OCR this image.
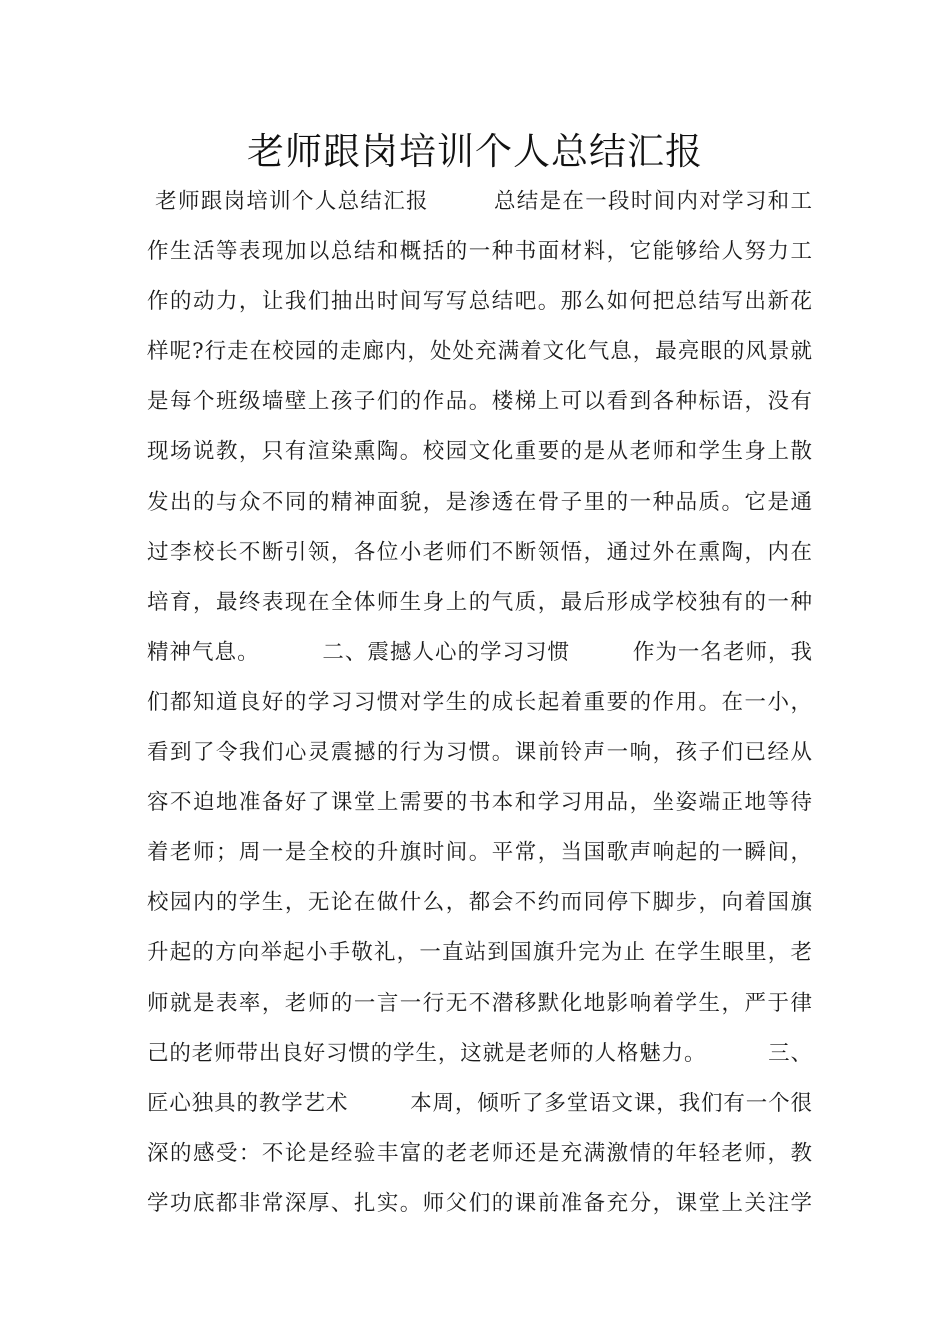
老师跟岗培训个人总结汇报
老师跟岗培训个人总结汇报        总结是在一段时间内对学习和工
作生活等表现加以总结和概括的一种书面材料，它能够给人努力工
作的动力，让我们抽出时间写写总结吧。那么如何把总结写出新花
样呢?行走在校园的走廊内，处处充满着文化气息，最亮眼的风景就
是每个班级墙壁上孩子们的作品。楼梯上可以看到各种标语，没有
现场说教，只有渲染熏陶。校园文化重要的是从老师和学生身上散
发出的与众不同的精神面貌，是渗透在骨子里的一种品质。它是通
过李校长不断引领，各位小老师们不断领悟，通过外在熏陶，内在
培育，最终表现在全体师生身上的气质，最后形成学校独有的一种
精神气息。        二、震撼人心的学习习惯        作为一名老师，我
们都知道良好的学习习惯对学生的成长起着重要的作用。在一小，
看到了令我们心灵震撼的行为习惯。课前铃声一响，孩子们已经从
容不迫地准备好了课堂上需要的书本和学习用品，坐姿端正地等待
着老师；周一是全校的升旗时间。平常，当国歌声响起的一瞬间，
校园内的学生，无论在做什么，都会不约而同停下脚步，向着国旗
升起的方向举起小手敬礼，一直站到国旗升完为止 在学生眼里，老
师就是表率，老师的一言一行无不潜移默化地影响着学生，严于律
己的老师带出良好习惯的学生，这就是老师的人格魅力。        三、
匠心独具的教学艺术        本周，倾听了多堂语文课，我们有一个很
深的感受：不论是经验丰富的老老师还是充满激情的年轻老师，教
学功底都非常深厚、扎实。师父们的课前准备充分，课堂上关注学
